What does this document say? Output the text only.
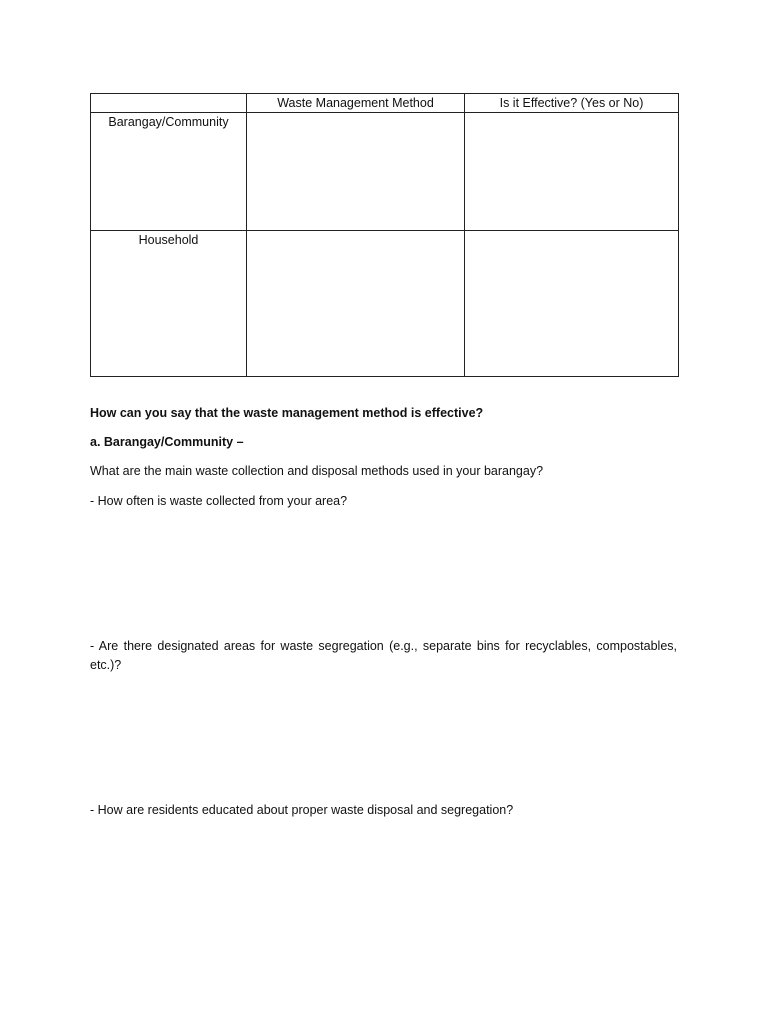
	Waste Management Method	Is it Effective? (Yes or No)

Barangay/Community		

Household		

How can you say that the waste management method is effective?

a. Barangay/Community –

What are the main waste collection and disposal methods used in your barangay?

- How often is waste collected from your area?

- Are there designated areas for waste segregation (e.g., separate bins for recyclables, compostables, etc.)?

- How are residents educated about proper waste disposal and segregation?
